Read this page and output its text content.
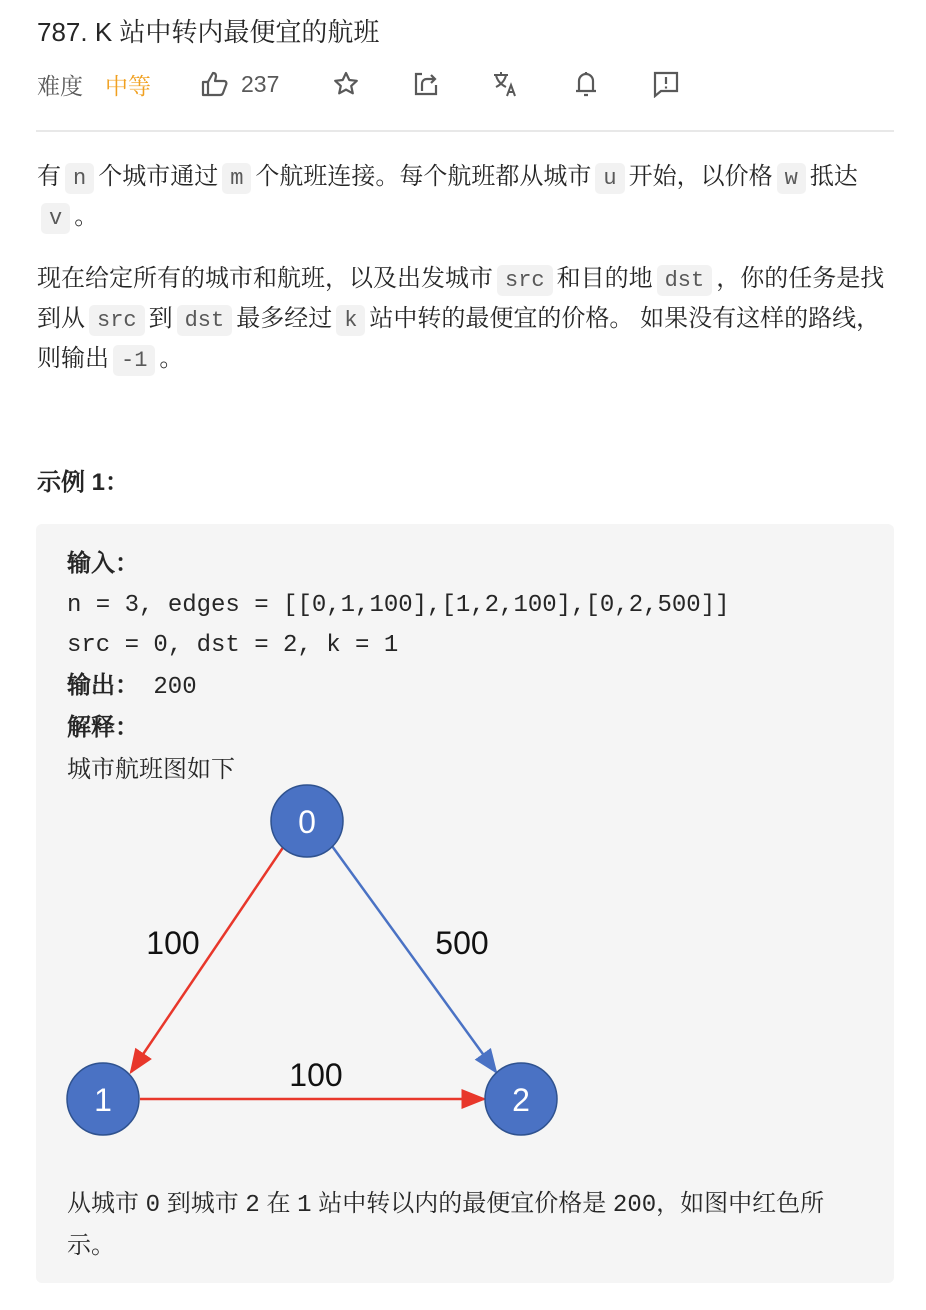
787. K 站中转内最便宜的航班
难度 中等	237
有 n 个城市通过 m 个航班连接。每个航班都从城市 u 开始，以价格 w 抵达v 。
现在给定所有的城市和航班，以及出发城市 src 和目的地 dst ，你的任务是找到从 src 到 dst 最多经过 k 站中转的最便宜的价格。 如果没有这样的路线，则输出 -1 。
示例 1：
输入：
n = 3, edges = [[0,1,100],[1,2,100],[0,2,500]]
src = 0, dst = 2, k = 1
输出： 200
解释：
城市航班图如下
从城市 0 到城市 2 在 1 站中转以内的最便宜价格是 200，如图中红色所示。
100
100
500
0
1	2
